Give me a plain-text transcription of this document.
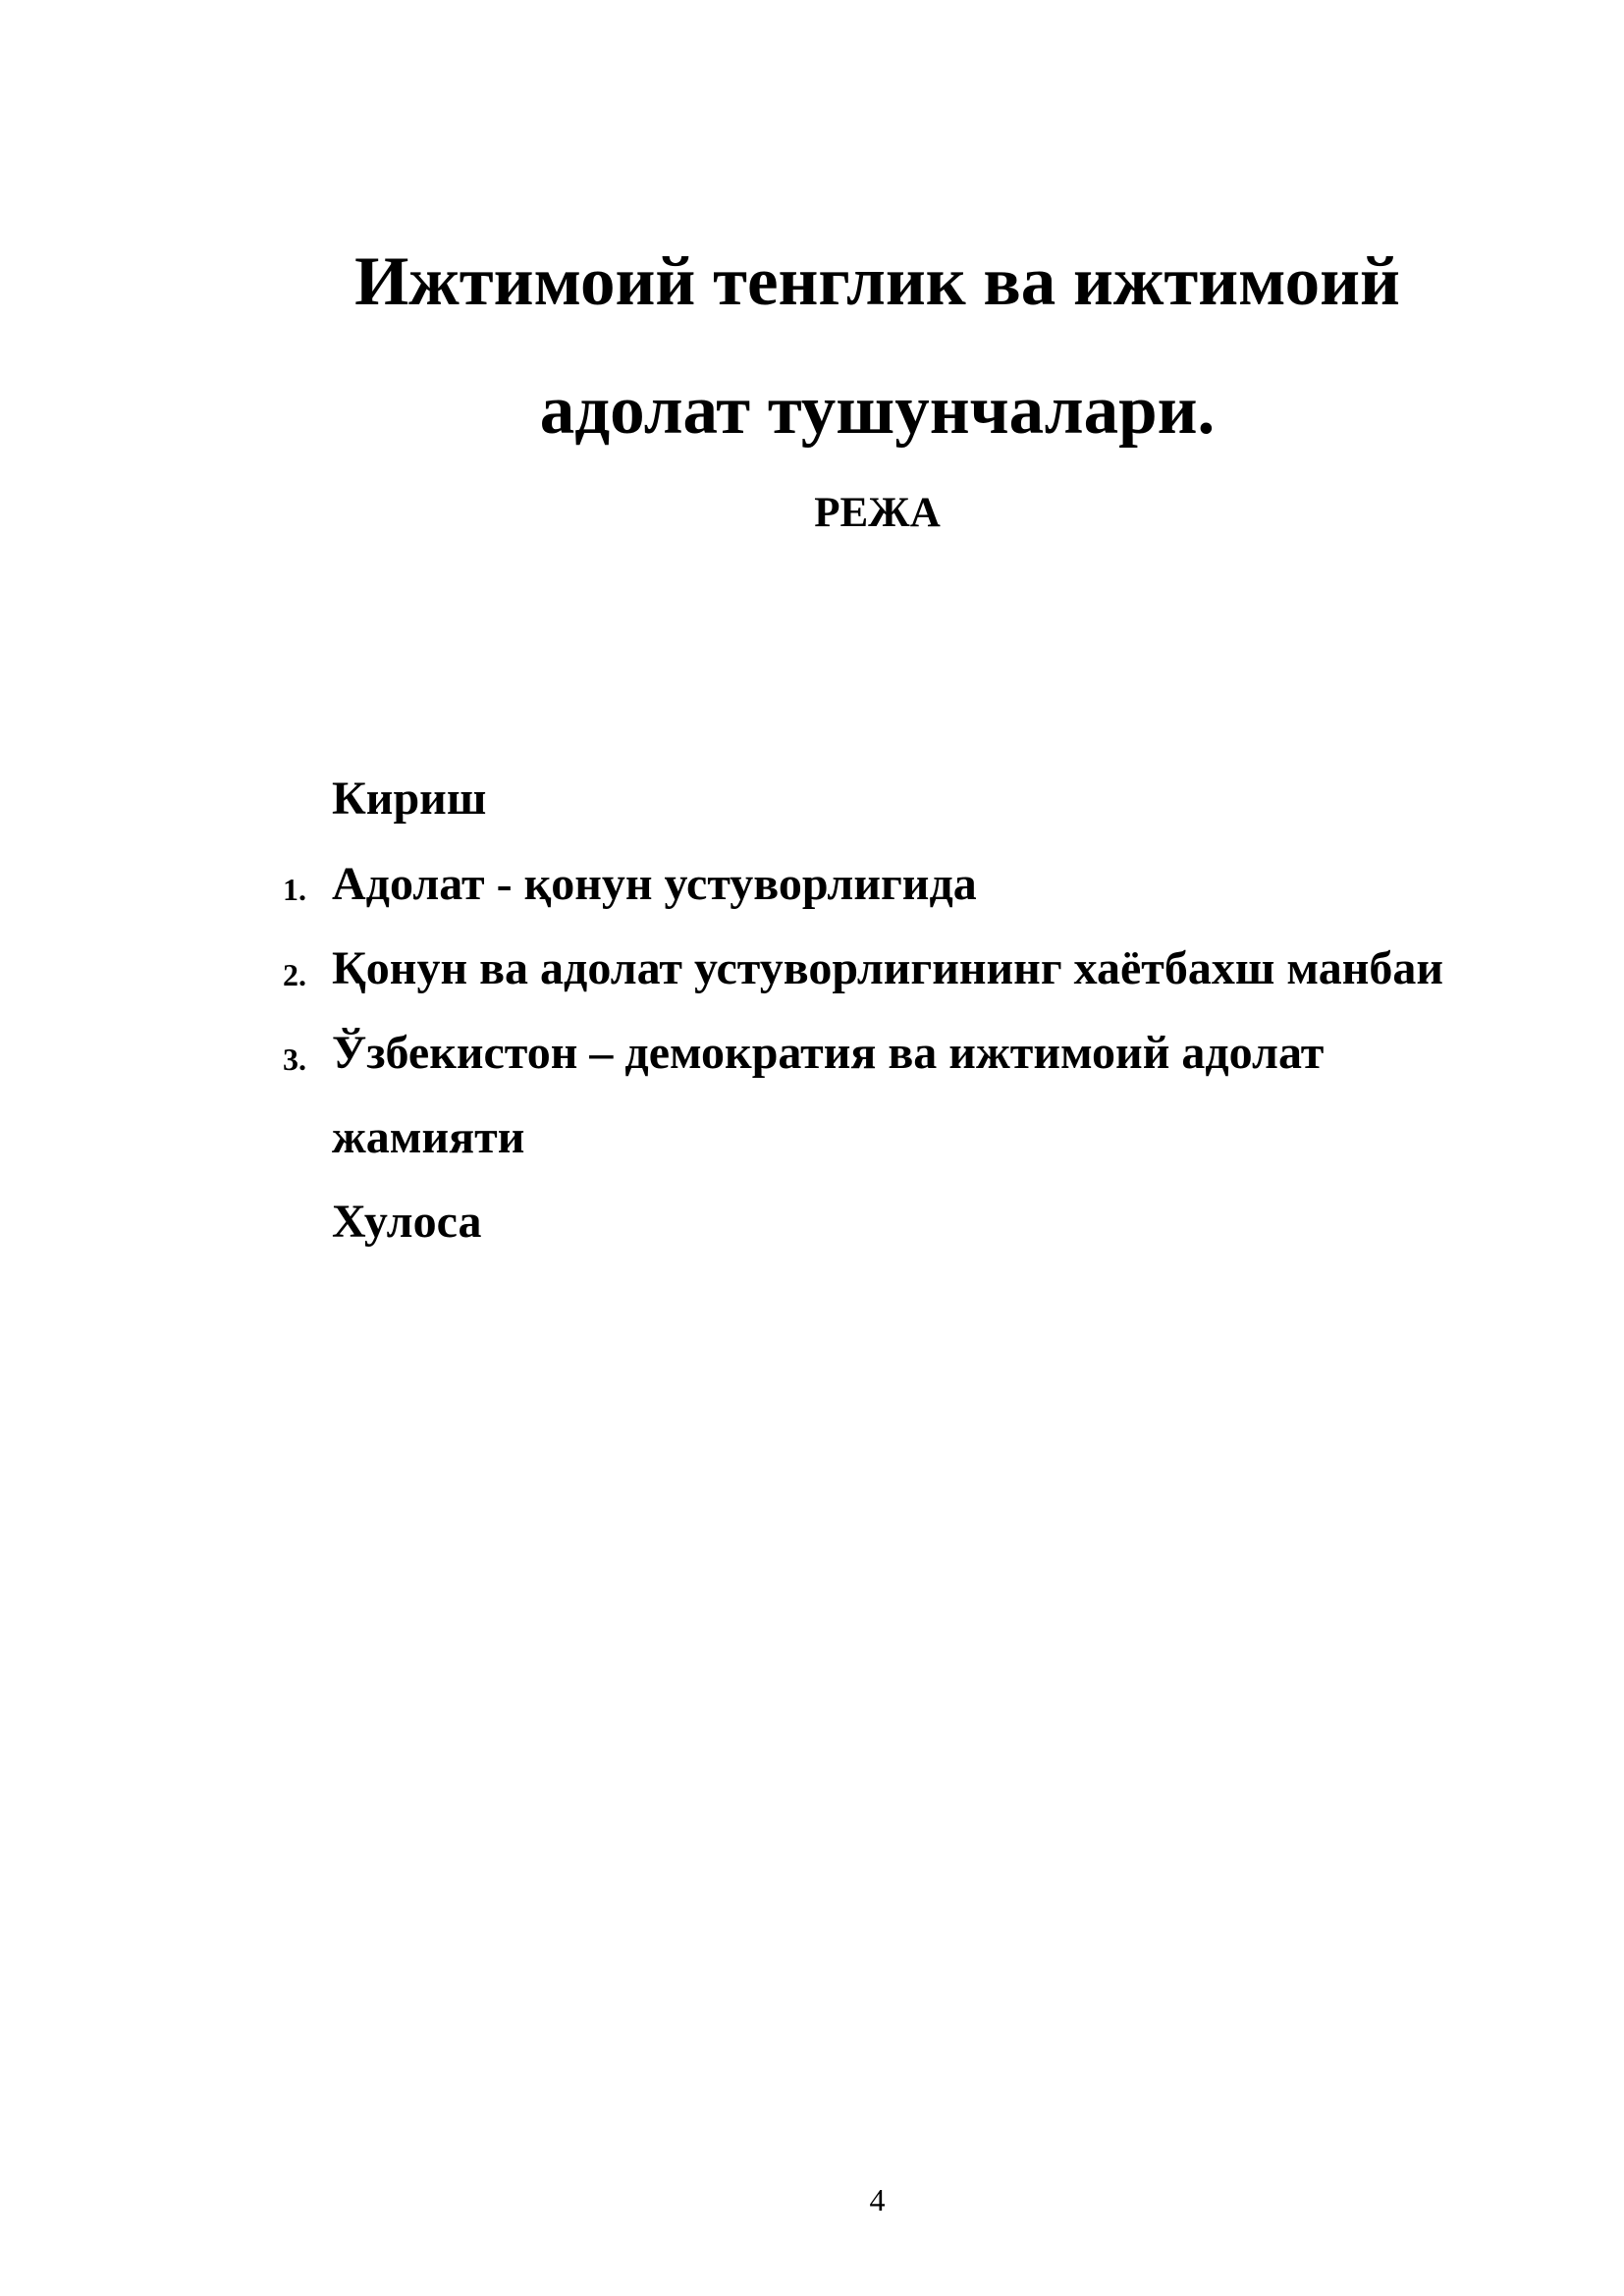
Ижтимоий тенглик ва ижтимоий
адолат тушунчалари.
РЕЖА
Кириш
1. Адолат - қонун устуворлигида
2. Қонун ва адолат устуворлигининг хаётбахш манбаи
3. Ўзбекистон – демократия ва ижтимоий адолат
жамияти
Хулоса
4
